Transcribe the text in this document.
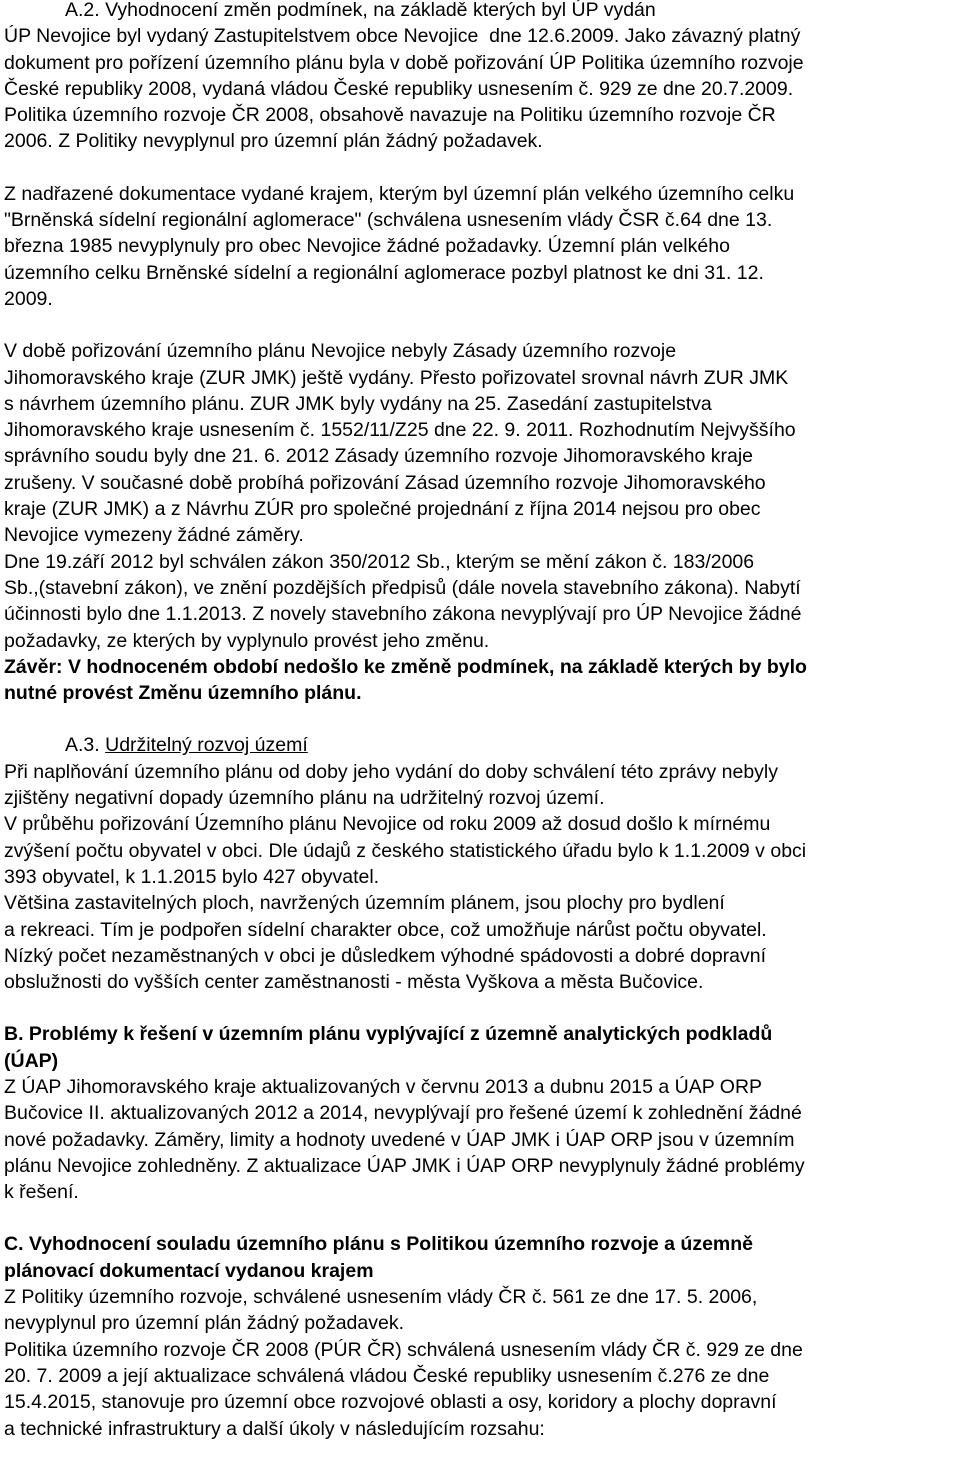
A.2. Vyhodnocení změn podmínek, na základě kterých byl ÚP vydán
ÚP Nevojice byl vydaný Zastupitelstvem obce Nevojice  dne 12.6.2009. Jako závazný platný
dokument pro pořízení územního plánu byla v době pořizování ÚP Politika územního rozvoje
České republiky 2008, vydaná vládou České republiky usnesením č. 929 ze dne 20.7.2009.
Politika územního rozvoje ČR 2008, obsahově navazuje na Politiku územního rozvoje ČR
2006. Z Politiky nevyplynul pro územní plán žádný požadavek.
Z nadřazené dokumentace vydané krajem, kterým byl územní plán velkého územního celku
"Brněnská sídelní regionální aglomerace" (schválena usnesením vlády ČSR č.64 dne 13.
března 1985 nevyplynuly pro obec Nevojice žádné požadavky. Územní plán velkého
územního celku Brněnské sídelní a regionální aglomerace pozbyl platnost ke dni 31. 12.
2009.
V době pořizování územního plánu Nevojice nebyly Zásady územního rozvoje
Jihomoravského kraje (ZUR JMK) ještě vydány. Přesto pořizovatel srovnal návrh ZUR JMK
s návrhem územního plánu. ZUR JMK byly vydány na 25. Zasedání zastupitelstva
Jihomoravského kraje usnesením č. 1552/11/Z25 dne 22. 9. 2011. Rozhodnutím Nejvyššího
správního soudu byly dne 21. 6. 2012 Zásady územního rozvoje Jihomoravského kraje
zrušeny. V současné době probíhá pořizování Zásad územního rozvoje Jihomoravského
kraje (ZUR JMK) a z Návrhu ZÚR pro společné projednání z října 2014 nejsou pro obec
Nevojice vymezeny žádné záměry.
Dne 19.září 2012 byl schválen zákon 350/2012 Sb., kterým se mění zákon č. 183/2006
Sb.,(stavební zákon), ve znění pozdějších předpisů (dále novela stavebního zákona). Nabytí
účinnosti bylo dne 1.1.2013. Z novely stavebního zákona nevyplývají pro ÚP Nevojice žádné
požadavky, ze kterých by vyplynulo provést jeho změnu.
Závěr: V hodnoceném období nedošlo ke změně podmínek, na základě kterých by bylo
nutné provést Změnu územního plánu.
A.3. Udržitelný rozvoj území
Při naplňování územního plánu od doby jeho vydání do doby schválení této zprávy nebyly
zjištěny negativní dopady územního plánu na udržitelný rozvoj území.
V průběhu pořizování Územního plánu Nevojice od roku 2009 až dosud došlo k mírnému
zvýšení počtu obyvatel v obci. Dle údajů z českého statistického úřadu bylo k 1.1.2009 v obci
393 obyvatel, k 1.1.2015 bylo 427 obyvatel.
Většina zastavitelných ploch, navržených územním plánem, jsou plochy pro bydlení
a rekreaci. Tím je podpořen sídelní charakter obce, což umožňuje nárůst počtu obyvatel.
Nízký počet nezaměstnaných v obci je důsledkem výhodné spádovosti a dobré dopravní
obslužnosti do vyšších center zaměstnanosti - města Vyškova a města Bučovice.
B. Problémy k řešení v územním plánu vyplývající z územně analytických podkladů
(ÚAP)
Z ÚAP Jihomoravského kraje aktualizovaných v červnu 2013 a dubnu 2015 a ÚAP ORP
Bučovice II. aktualizovaných 2012 a 2014, nevyplývají pro řešené území k zohlednění žádné
nové požadavky. Záměry, limity a hodnoty uvedené v ÚAP JMK i ÚAP ORP jsou v územním
plánu Nevojice zohledněny. Z aktualizace ÚAP JMK i ÚAP ORP nevyplynuly žádné problémy
k řešení.
C. Vyhodnocení souladu územního plánu s Politikou územního rozvoje a územně
plánovací dokumentací vydanou krajem
Z Politiky územního rozvoje, schválené usnesením vlády ČR č. 561 ze dne 17. 5. 2006,
nevyplynul pro územní plán žádný požadavek.
Politika územního rozvoje ČR 2008 (PÚR ČR) schválená usnesením vlády ČR č. 929 ze dne
20. 7. 2009 a její aktualizace schválená vládou České republiky usnesením č.276 ze dne
15.4.2015, stanovuje pro územní obce rozvojové oblasti a osy, koridory a plochy dopravní
a technické infrastruktury a další úkoly v následujícím rozsahu:
